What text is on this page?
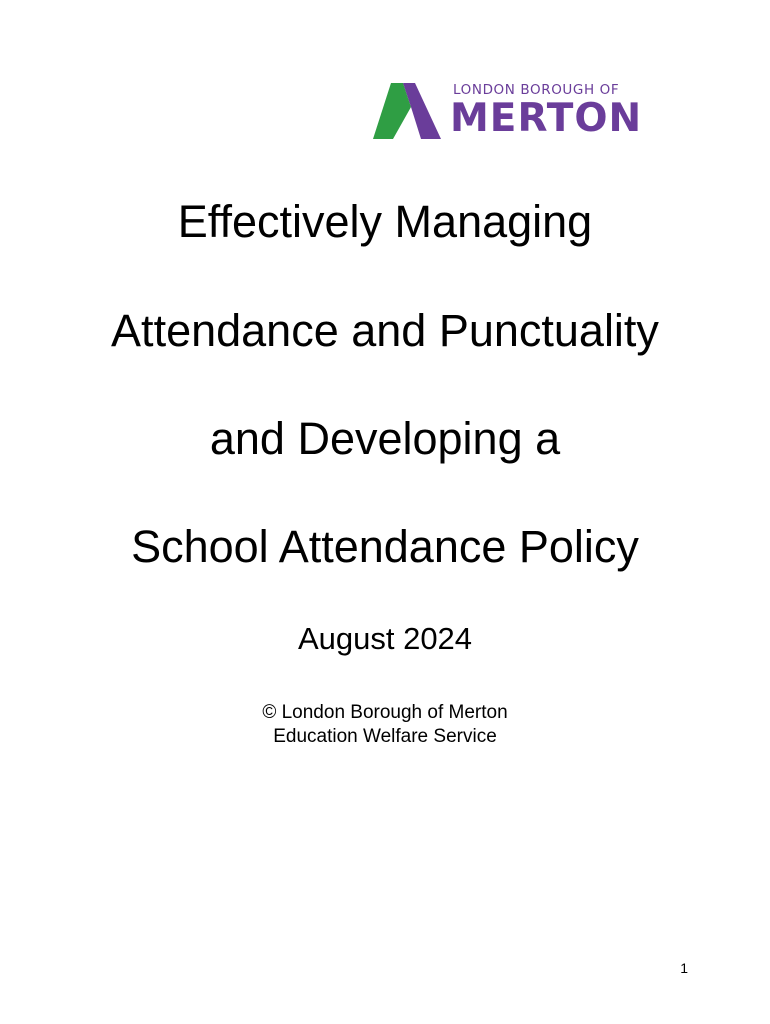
LONDON BOROUGH OF
MERTON
Effectively Managing
Attendance and Punctuality
and Developing a
School Attendance Policy
August 2024
© London Borough of Merton
Education Welfare Service
1
